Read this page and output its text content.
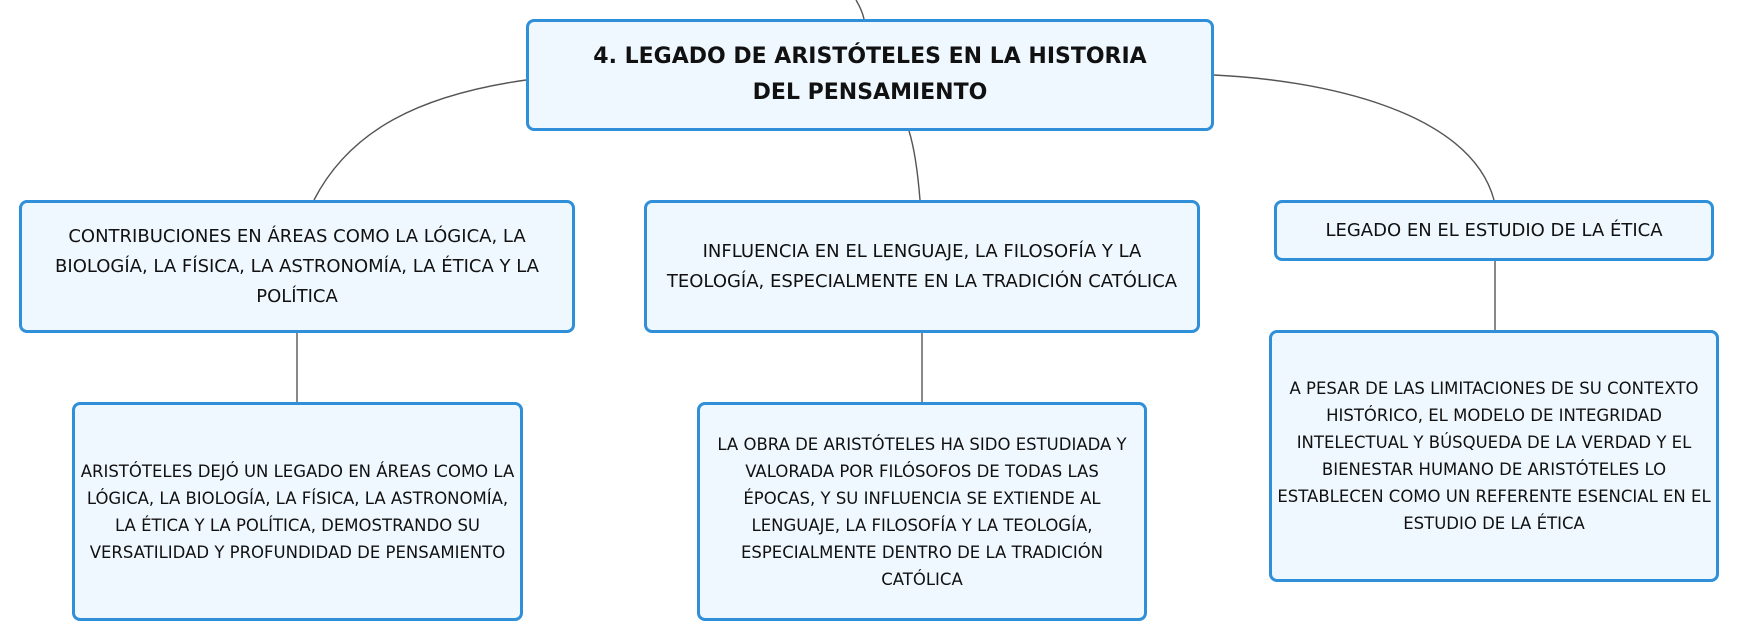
4. LEGADO DE ARISTÓTELES EN LA HISTORIA DEL PENSAMIENTO
CONTRIBUCIONES EN ÁREAS COMO LA LÓGICA, LA BIOLOGÍA, LA FÍSICA, LA ASTRONOMÍA, LA ÉTICA Y LA POLÍTICA
INFLUENCIA EN EL LENGUAJE, LA FILOSOFÍA Y LA TEOLOGÍA, ESPECIALMENTE EN LA TRADICIÓN CATÓLICA
LEGADO EN EL ESTUDIO DE LA ÉTICA
ARISTÓTELES DEJÓ UN LEGADO EN ÁREAS COMO LA LÓGICA, LA BIOLOGÍA, LA FÍSICA, LA ASTRONOMÍA, LA ÉTICA Y LA POLÍTICA, DEMOSTRANDO SU VERSATILIDAD Y PROFUNDIDAD DE PENSAMIENTO
LA OBRA DE ARISTÓTELES HA SIDO ESTUDIADA Y VALORADA POR FILÓSOFOS DE TODAS LAS ÉPOCAS, Y SU INFLUENCIA SE EXTIENDE AL LENGUAJE, LA FILOSOFÍA Y LA TEOLOGÍA, ESPECIALMENTE DENTRO DE LA TRADICIÓN CATÓLICA
A PESAR DE LAS LIMITACIONES DE SU CONTEXTO HISTÓRICO, EL MODELO DE INTEGRIDAD INTELECTUAL Y BÚSQUEDA DE LA VERDAD Y EL BIENESTAR HUMANO DE ARISTÓTELES LO ESTABLECEN COMO UN REFERENTE ESENCIAL EN EL ESTUDIO DE LA ÉTICA
